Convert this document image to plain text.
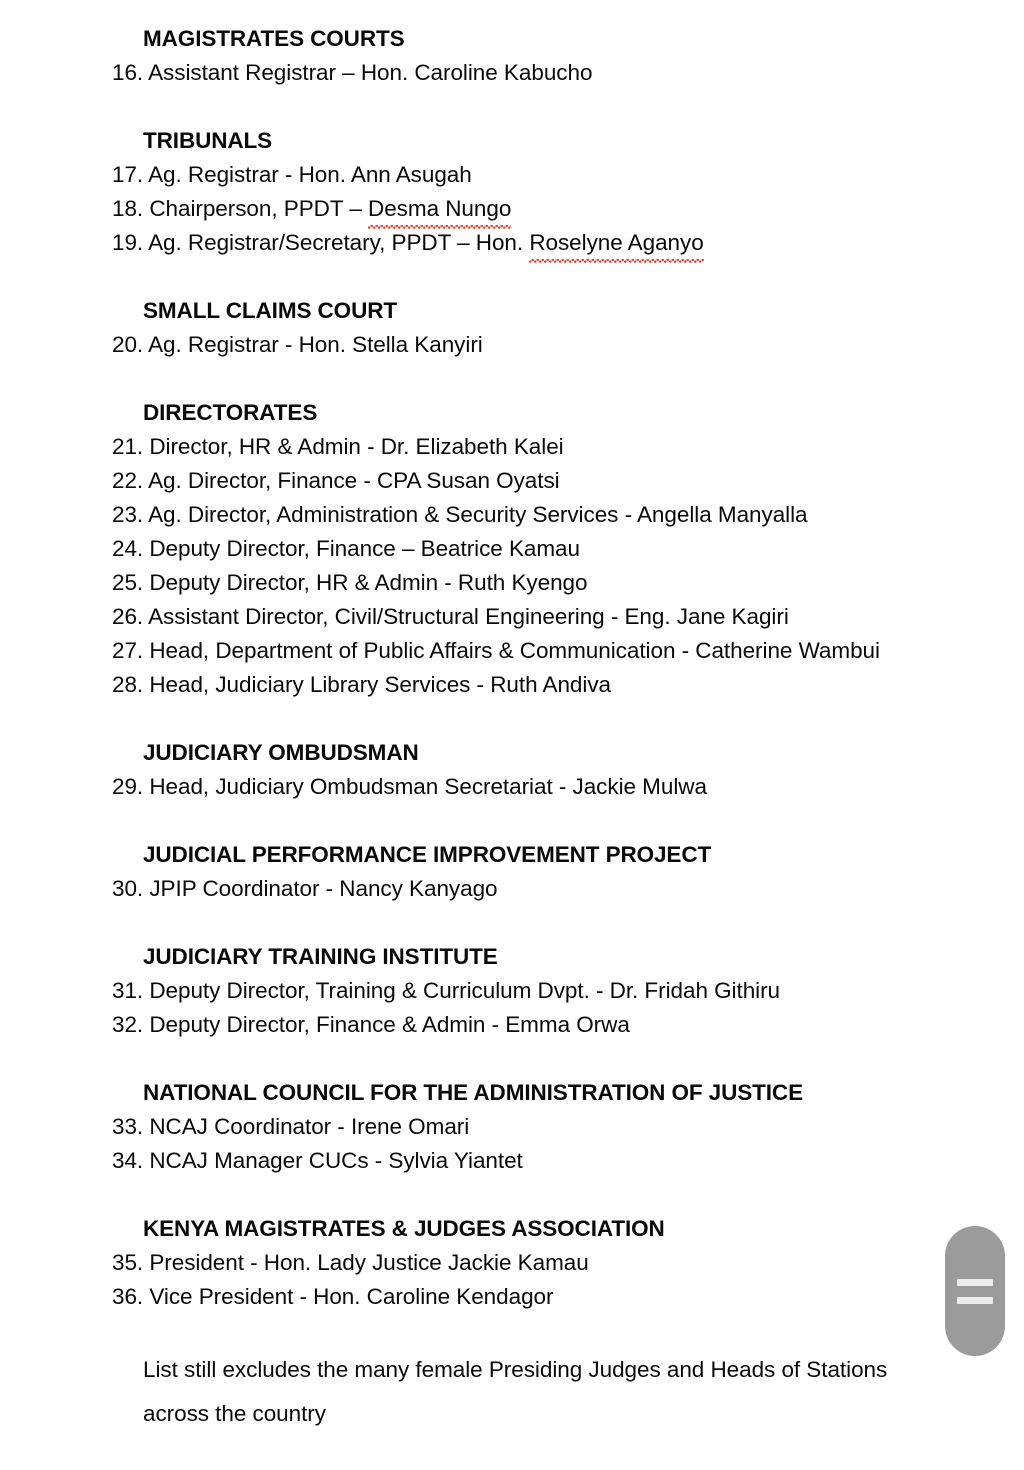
MAGISTRATES COURTS
16. Assistant Registrar – Hon. Caroline Kabucho
TRIBUNALS
17. Ag. Registrar - Hon. Ann Asugah
18. Chairperson, PPDT – Desma Nungo
19. Ag. Registrar/Secretary, PPDT – Hon. Roselyne Aganyo
SMALL CLAIMS COURT
20. Ag. Registrar - Hon. Stella Kanyiri
DIRECTORATES
21. Director, HR & Admin - Dr. Elizabeth Kalei
22. Ag. Director, Finance - CPA Susan Oyatsi
23. Ag. Director, Administration & Security Services - Angella Manyalla
24. Deputy Director, Finance – Beatrice Kamau
25. Deputy Director, HR & Admin - Ruth Kyengo
26. Assistant Director, Civil/Structural Engineering - Eng. Jane Kagiri
27. Head, Department of Public Affairs & Communication - Catherine Wambui
28. Head, Judiciary Library Services - Ruth Andiva
JUDICIARY OMBUDSMAN
29. Head, Judiciary Ombudsman Secretariat - Jackie Mulwa
JUDICIAL PERFORMANCE IMPROVEMENT PROJECT
30. JPIP Coordinator - Nancy Kanyago
JUDICIARY TRAINING INSTITUTE
31. Deputy Director, Training & Curriculum Dvpt. - Dr. Fridah Githiru
32. Deputy Director, Finance & Admin - Emma Orwa
NATIONAL COUNCIL FOR THE ADMINISTRATION OF JUSTICE
33. NCAJ Coordinator - Irene Omari
34. NCAJ Manager CUCs - Sylvia Yiantet
KENYA MAGISTRATES & JUDGES ASSOCIATION
35. President - Hon. Lady Justice Jackie Kamau
36. Vice President - Hon. Caroline Kendagor

List still excludes the many female Presiding Judges and Heads of Stations across the country
